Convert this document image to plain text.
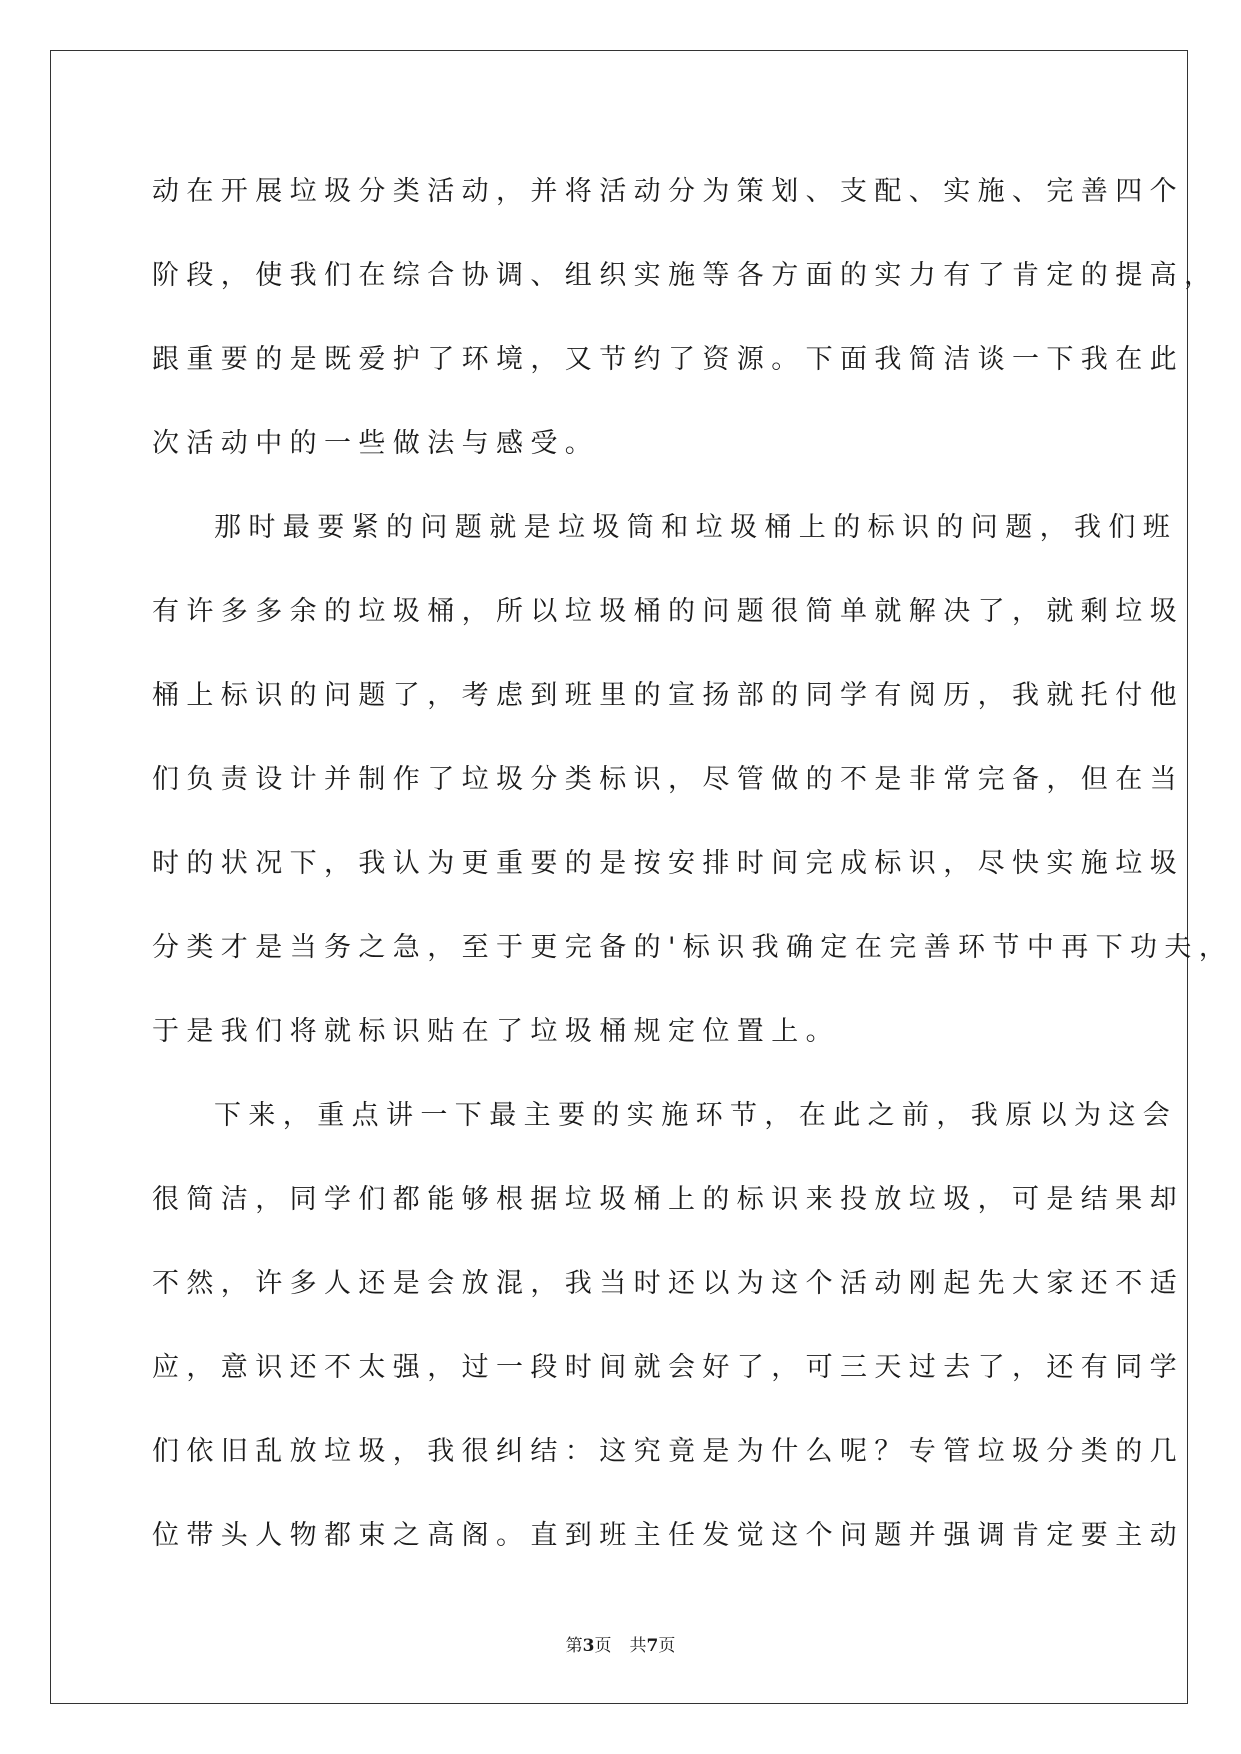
动在开展垃圾分类活动，并将活动分为策划、支配、实施、完善四个
阶段，使我们在综合协调、组织实施等各方面的实力有了肯定的提高，
跟重要的是既爱护了环境，又节约了资源。下面我简洁谈一下我在此
次活动中的一些做法与感受。
那时最要紧的问题就是垃圾筒和垃圾桶上的标识的问题，我们班
有许多多余的垃圾桶，所以垃圾桶的问题很简单就解决了，就剩垃圾
桶上标识的问题了，考虑到班里的宣扬部的同学有阅历，我就托付他
们负责设计并制作了垃圾分类标识，尽管做的不是非常完备，但在当
时的状况下，我认为更重要的是按安排时间完成标识，尽快实施垃圾
分类才是当务之急，至于更完备的'标识我确定在完善环节中再下功夫，
于是我们将就标识贴在了垃圾桶规定位置上。
下来，重点讲一下最主要的实施环节，在此之前，我原以为这会
很简洁，同学们都能够根据垃圾桶上的标识来投放垃圾，可是结果却
不然，许多人还是会放混，我当时还以为这个活动刚起先大家还不适
应，意识还不太强，过一段时间就会好了，可三天过去了，还有同学
们依旧乱放垃圾，我很纠结：这究竟是为什么呢？专管垃圾分类的几
位带头人物都束之高阁。直到班主任发觉这个问题并强调肯定要主动
第3页 共7页
